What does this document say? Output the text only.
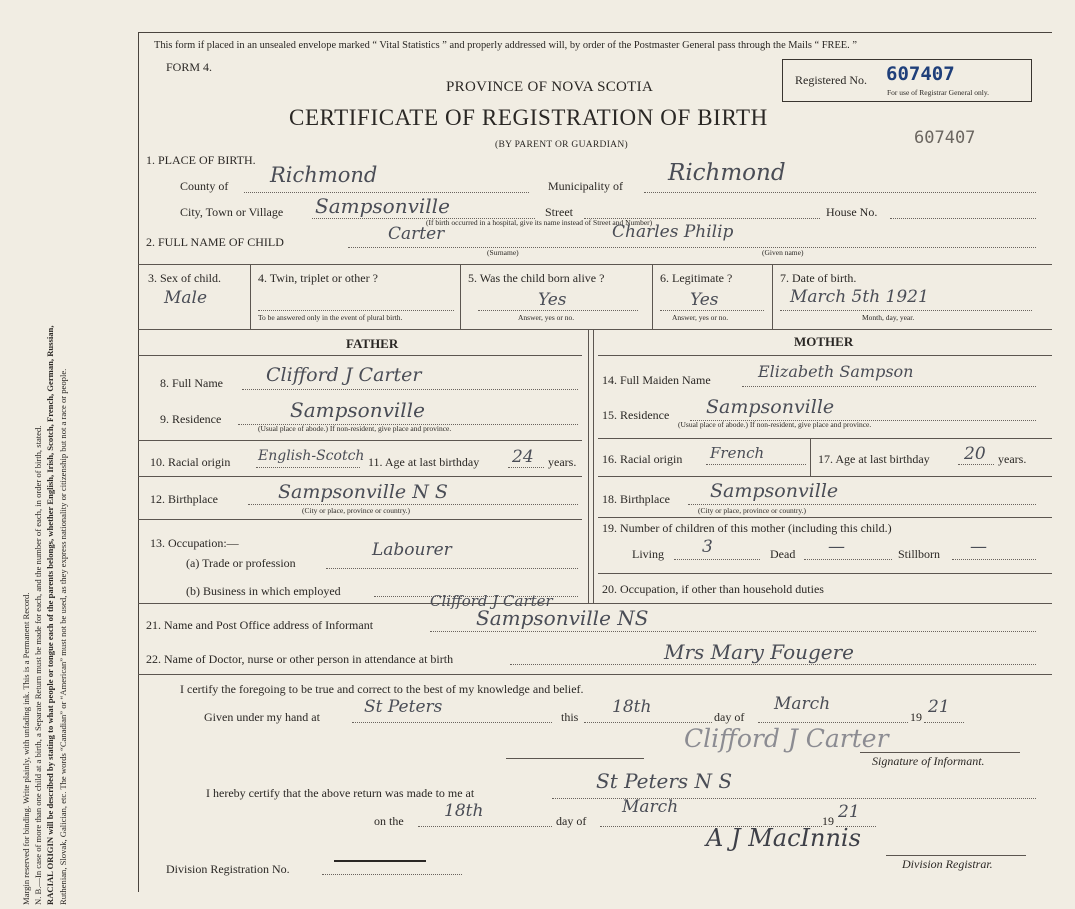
Margin reserved for binding. Write plainly, with unfading ink. This is a Permanent Record. N. B.—In case of more than one child at a birth, a Separate Return must be made for each, and the number of each, in order of birth, stated. RACIAL ORIGIN will be described by stating to what people or tongue each of the parents belongs, whether English, Irish, Scotch, French, German, Russian, Ruthenian, Slovak, Galician, etc. The words “Canadian” or “American” must not be used, as they express nationality or citizenship but not a race or people.
This form if placed in an unsealed envelope marked “ Vital Statistics ” and properly addressed will, by order of the Postmaster General pass through the Mails “ FREE. ”
FORM 4.
PROVINCE OF NOVA SCOTIA
CERTIFICATE OF REGISTRATION OF BIRTH
(BY PARENT OR GUARDIAN)
Registered No. 607407
For use of Registrar General only.
607407
1. PLACE OF BIRTH.
County of Richmond	Municipality of Richmond
City, Town or Village Sampsonville	Street
(If birth occurred in a hospital, give its name instead of Street and Number)
House No.
2. FULL NAME OF CHILD	Carter	Charles Philip
(Surname)	(Given name)
3. Sex of child.
Male
4. Twin, triplet or other ?
To be answered only in the event of plural birth.
5. Was the child born alive ?
Yes
Answer, yes or no.
6. Legitimate ?
Yes
Answer, yes or no.
7. Date of birth.
March 5th 1921
Month, day, year.
FATHER	MOTHER
8. Full Name Clifford J Carter
9. Residence	Sampsonville
(Usual place of abode.) If non-resident, give place and province.
10. Racial origin English-Scotch 11. Age at last birthday 24 years.
12. Birthplace	Sampsonville N S
(City or place, province or country.)
13. Occupation:—
(a) Trade or profession
Labourer
(b) Business in which employed
14. Full Maiden Name	Elizabeth Sampson
15. Residence Sampsonville
(Usual place of abode.) If non-resident, give place and province.
16. Racial origin French	17. Age at last birthday 20 years.
18. Birthplace Sampsonville
(City or place, province or country.)
19. Number of children of this mother (including this child.)
Living 3	Dead —	Stillborn —
20. Occupation, if other than household duties
21. Name and Post Office address of Informant
Clifford J Carter
Sampsonville NS
22. Name of Doctor, nurse or other person in attendance at birth	Mrs Mary Fougere
I certify the foregoing to be true and correct to the best of my knowledge and belief.
Given under my hand at	St Peters	this 18th	day of
March
19 21
Clifford J Carter
Signature of Informant.
I hereby certify that the above return was made to me at	St Peters N S
on the 18th	day of
March
19 21
A J MacInnis
Division Registrar.
Division Registration No.
